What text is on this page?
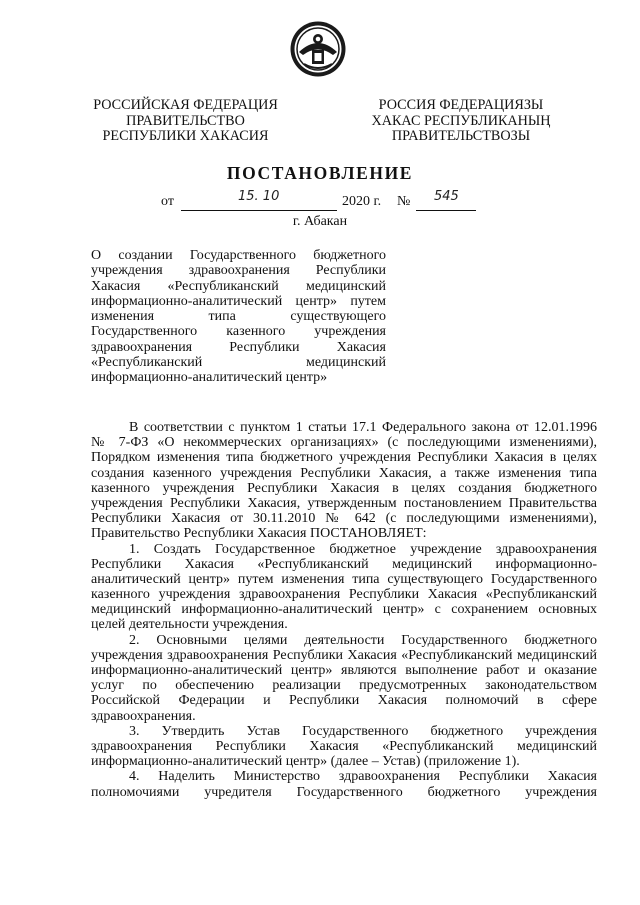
РОССИЙСКАЯ ФЕДЕРАЦИЯ
ПРАВИТЕЛЬСТВО
РЕСПУБЛИКИ ХАКАСИЯ
РОССИЯ ФЕДЕРАЦИЯЗЫ
ХАКАС РЕСПУБЛИКАНЫҢ
ПРАВИТЕЛЬСТВОЗЫ
ПОСТАНОВЛЕНИЕ
от	15. 10	2020 г. № 545
г. Абакан
О создании Государственного бюджетного
учреждения здравоохранения Республики
Хакасия «Республиканский медицинский
информационно-аналитический центр» путем
изменения типа существующего
Государственного казенного учреждения
здравоохранения Республики Хакасия
«Республиканский медицинский
информационно-аналитический центр»
В соответствии с пунктом 1 статьи 17.1 Федерального закона от 12.01.1996
№ 7-ФЗ «О некоммерческих организациях» (с последующими изменениями),
Порядком изменения типа бюджетного учреждения Республики Хакасия в целях
создания казенного учреждения Республики Хакасия, а также изменения типа
казенного учреждения Республики Хакасия в целях создания бюджетного
учреждения Республики Хакасия, утвержденным постановлением Правительства
Республики Хакасия от 30.11.2010 № 642 (с последующими изменениями),
Правительство Республики Хакасия ПОСТАНОВЛЯЕТ:
1. Создать Государственное бюджетное учреждение здравоохранения
Республики Хакасия «Республиканский медицинский информационно-
аналитический центр» путем изменения типа существующего Государственного
казенного учреждения здравоохранения Республики Хакасия «Республиканский
медицинский информационно-аналитический центр» с сохранением основных
целей деятельности учреждения.
2. Основными целями деятельности Государственного бюджетного
учреждения здравоохранения Республики Хакасия «Республиканский медицинский
информационно-аналитический центр» являются выполнение работ и оказание
услуг по обеспечению реализации предусмотренных законодательством
Российской Федерации и Республики Хакасия полномочий в сфере
здравоохранения.
3. Утвердить Устав Государственного бюджетного учреждения
здравоохранения Республики Хакасия «Республиканский медицинский
информационно-аналитический центр» (далее – Устав) (приложение 1).
4. Наделить Министерство здравоохранения Республики Хакасия
полномочиями учредителя Государственного бюджетного учреждения
